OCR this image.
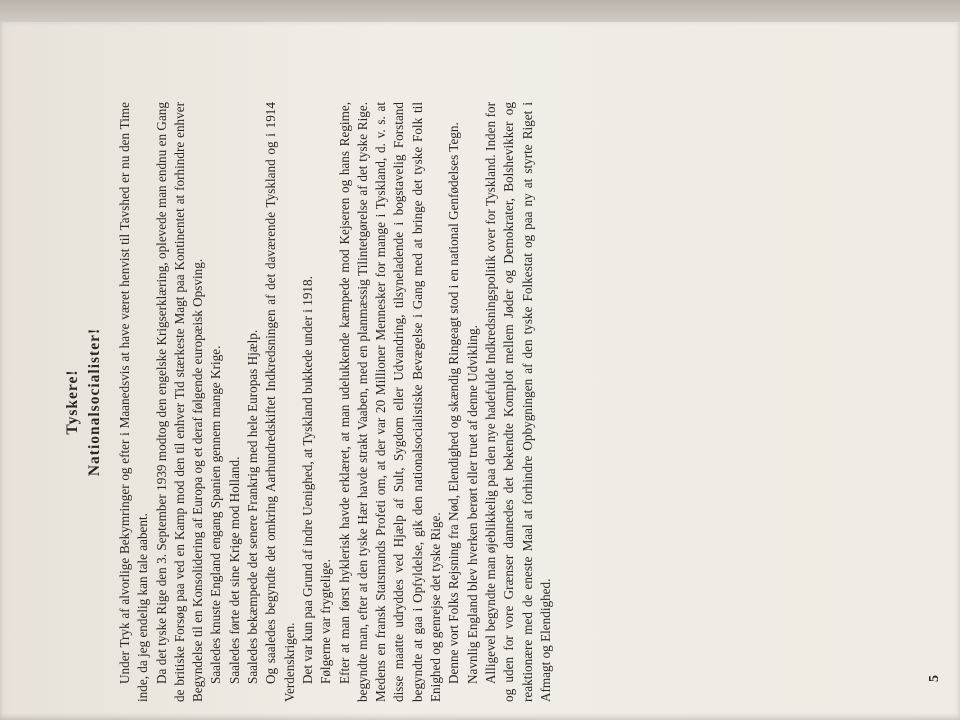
Tyskere! Nationalsocialister! Under Tryk af alvorlige Bekymringer og efter i Maanedsvis at have været henvist til Tavshed er nu den Time inde, da jeg endelig kan tale aabent. Da det tyske Rige den 3. September 1939 modtog den engelske Krigserklæring, oplevede man endnu en Gang de britiske Forsøg paa ved en Kamp mod den til enhver Tid stærkeste Magt paa Kontinentet at forhindre enhver Begyndelse til en Konsolidering af Europa og et deraf følgende europæisk Opsving. Saaledes knuste England engang Spanien gennem mange Krige. Saaledes førte det sine Krige mod Holland. Saaledes bekæmpede det senere Frankrig med hele Europas Hjælp. Og saaledes begyndte det omkring Aarhundredskiftet Indkredsningen af det daværende Tyskland og i 1914 Verdenskrigen. Det var kun paa Grund af indre Uenighed, at Tyskland bukkede under i 1918. Følgerne var frygtelige. Efter at man først hyklerisk havde erklæret, at man udelukkende kæmpede mod Kejseren og hans Regime, begyndte man, efter at den tyske Hær havde strakt Vaaben, med en planmæssig Tilintetgørelse af det tyske Rige. Medens en fransk Statsmands Profeti om, at der var 20 Millioner Mennesker for mange i Tyskland, d. v. s. at disse maatte udryddes ved Hjælp af Sult, Sygdom eller Udvandring, tilsyneladende i bogstavelig Forstand begyndte at gaa i Opfyldelse, gik den nationalsocialistiske Bevægelse i Gang med at bringe det tyske Folk til Enighed og genrejse det tyske Rige. Denne vort Folks Rejsning fra Nød, Elendighed og skændig Ringeagt stod i en national Genfødelses Tegn. Navnlig England blev hverken berørt eller truet af denne Udvikling. Alligevel begyndte man øjeblikkelig paa den nye hadefulde Indkredsningspolitik over for Tyskland. Inden for og uden for vore Grænser dannedes det bekendte Komplot mellem Jøder og Demokrater, Bolshevikker og reaktionære med de eneste Maal at forhindre Opbygningen af den tyske Folkestat og paa ny at styrte Riget i Afmagt og Elendighed.	5
